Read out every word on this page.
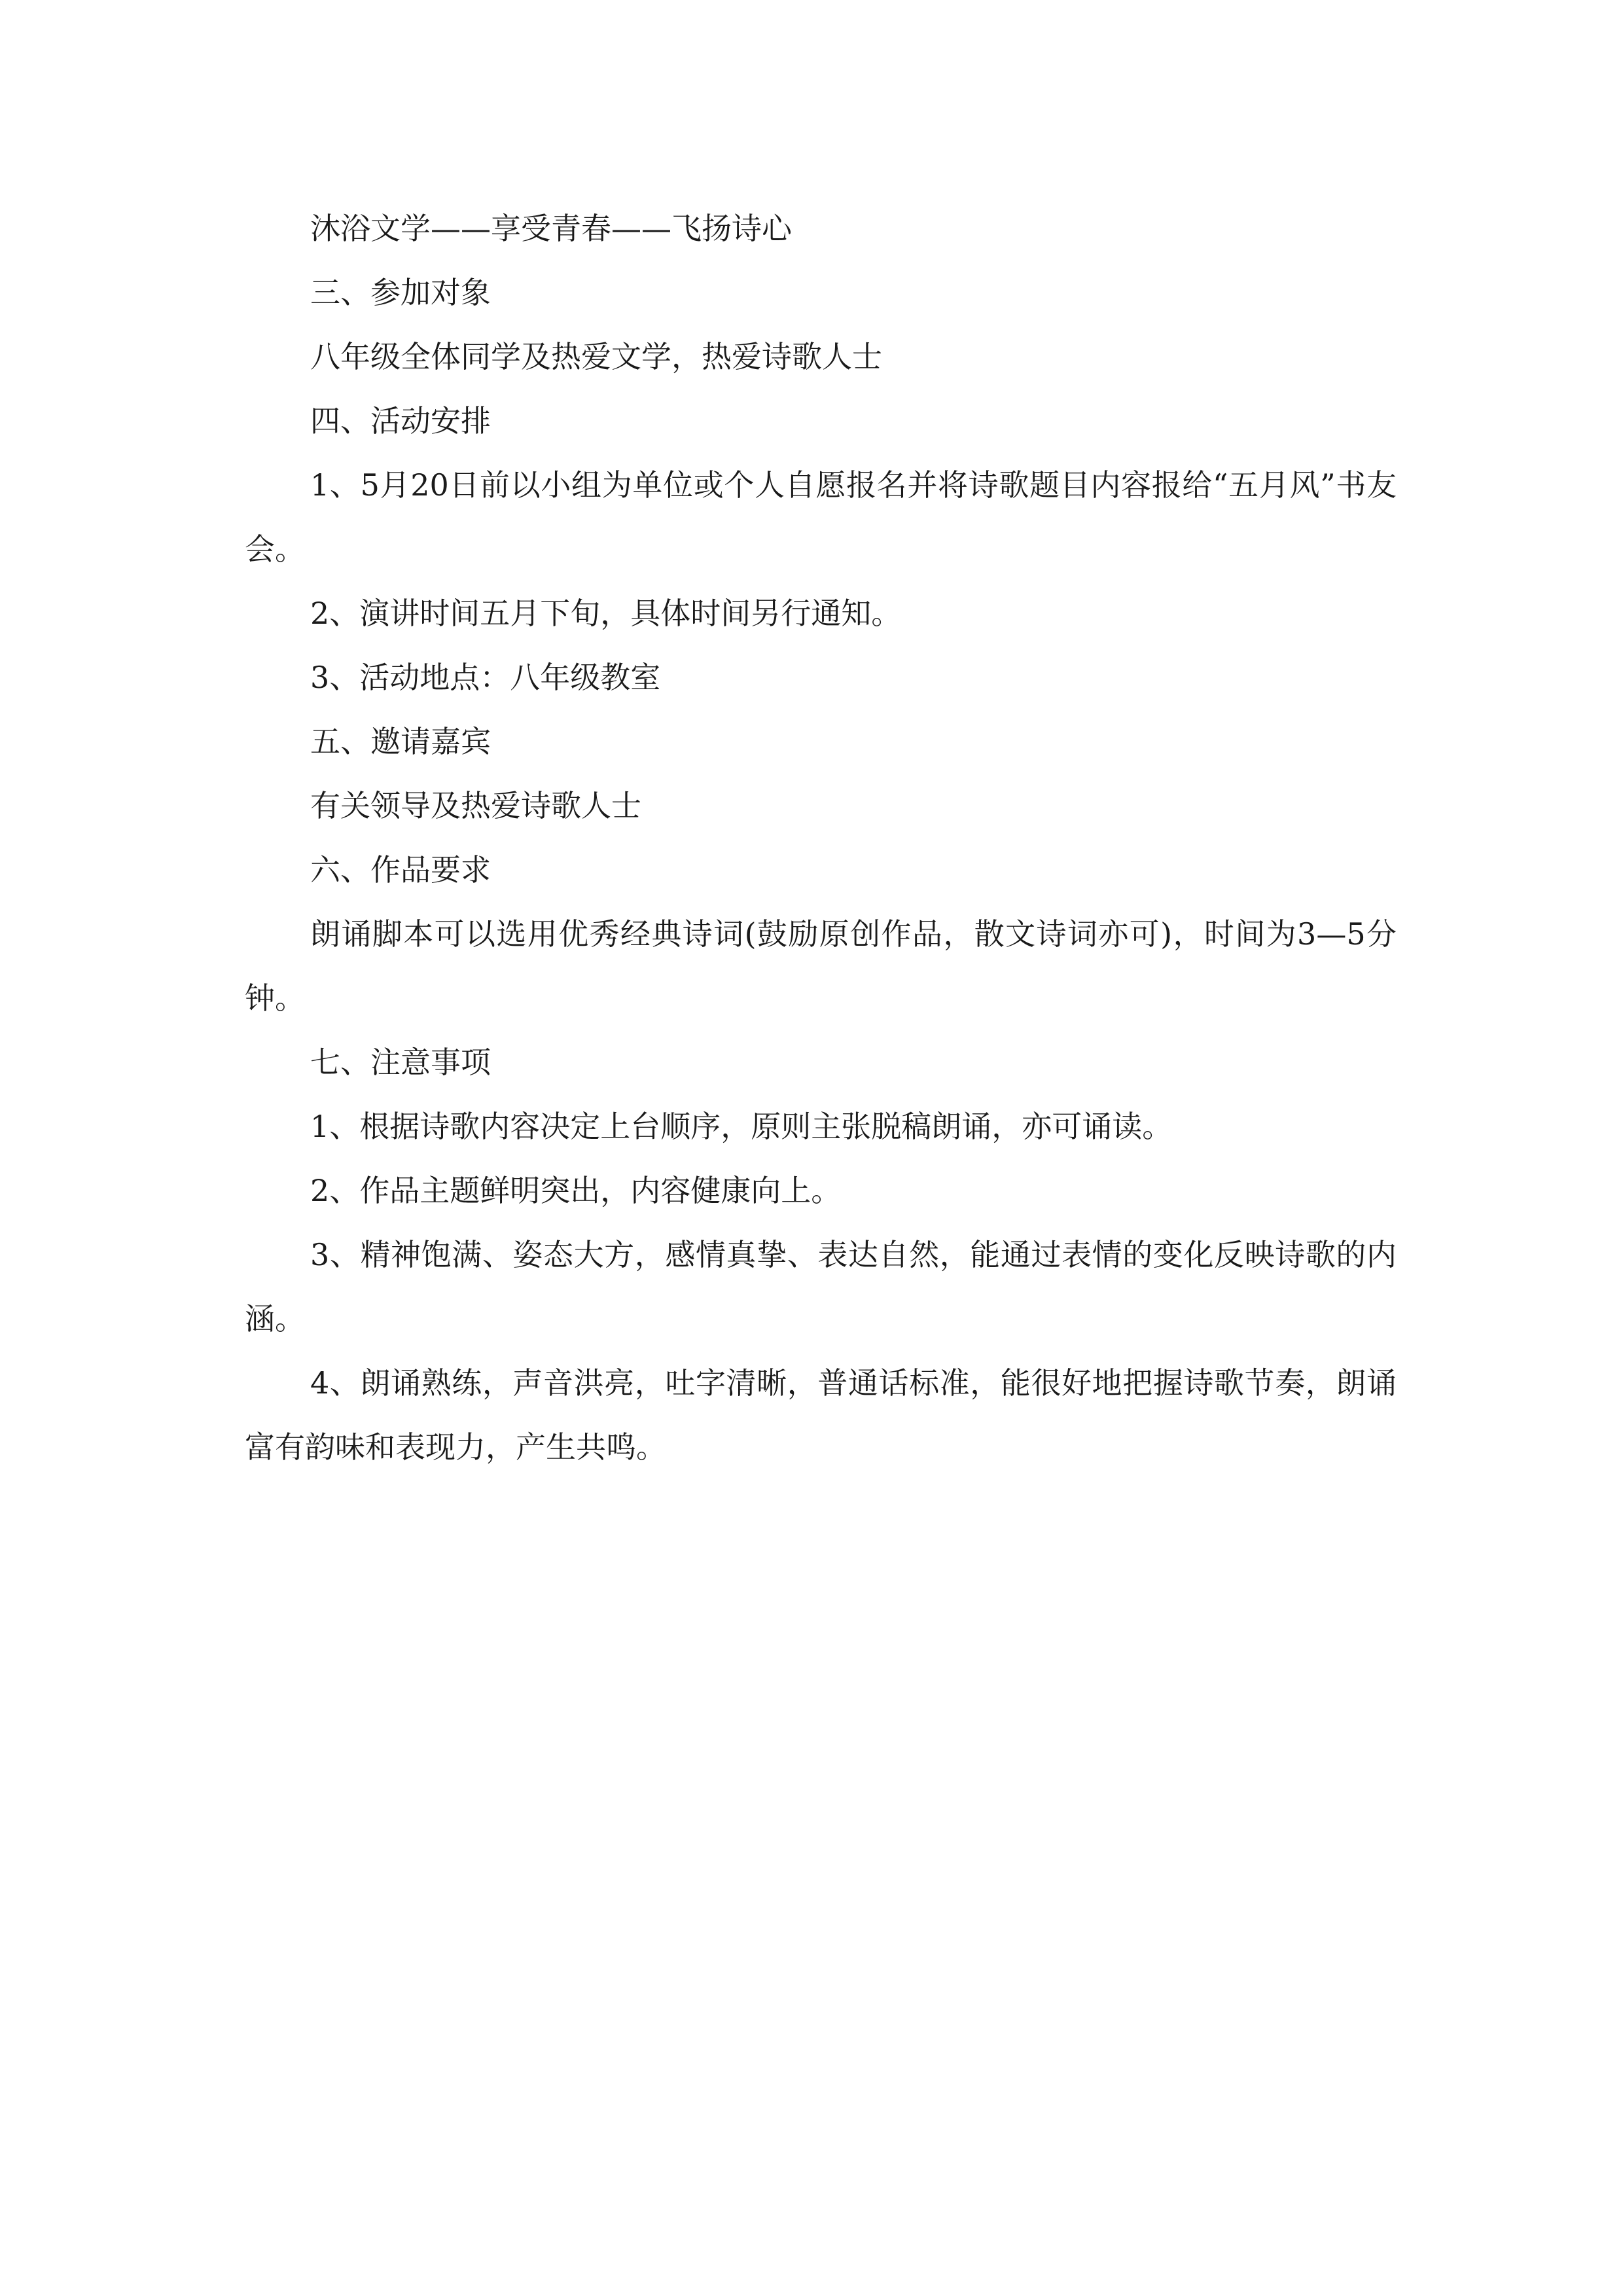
沐浴文学——享受青春——飞扬诗心

三、参加对象

八年级全体同学及热爱文学，热爱诗歌人士

四、活动安排

1、5月20日前以小组为单位或个人自愿报名并将诗歌题目内容报给“五月风”书友会。

2、演讲时间五月下旬，具体时间另行通知。

3、活动地点：八年级教室

五、邀请嘉宾

有关领导及热爱诗歌人士

六、作品要求

朗诵脚本可以选用优秀经典诗词(鼓励原创作品，散文诗词亦可)，时间为3—5分钟。

七、注意事项

1、根据诗歌内容决定上台顺序，原则主张脱稿朗诵，亦可诵读。

2、作品主题鲜明突出，内容健康向上。

3、精神饱满、姿态大方，感情真挚、表达自然，能通过表情的变化反映诗歌的内涵。

4、朗诵熟练，声音洪亮，吐字清晰，普通话标准，能很好地把握诗歌节奏，朗诵富有韵味和表现力，产生共鸣。
